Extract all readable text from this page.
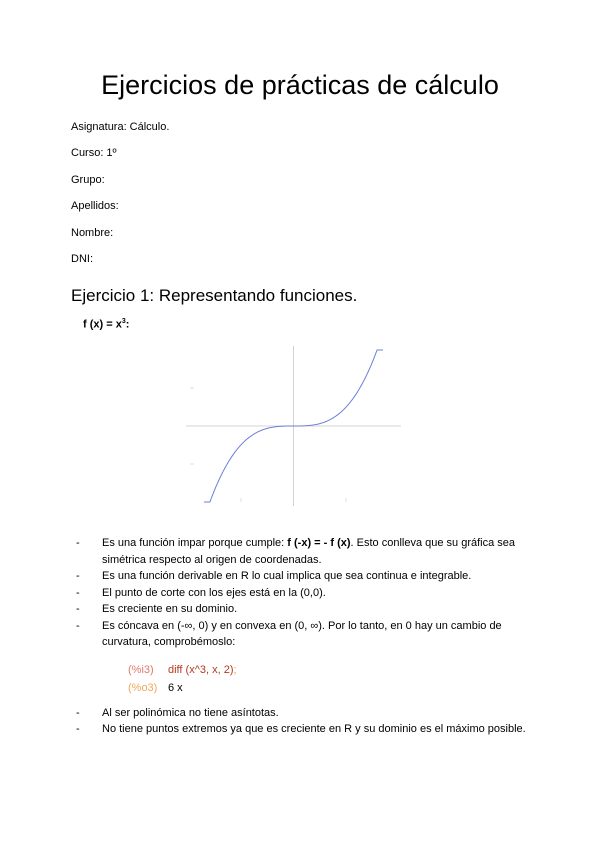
Ejercicios de prácticas de cálculo
Asignatura: Cálculo.
Curso: 1º
Grupo:
Apellidos:
Nombre:
DNI:
Ejercicio 1: Representando funciones.
f $(x) = x^3$:
- Es una función impar porque cumple: f (-x) = - f (x). Esto conlleva que su gráfica sea simétrica respecto al origen de coordenadas.
- Es una función derivable en R lo cual implica que sea continua e integrable.
- El punto de corte con los ejes está en la (0,0).
- Es creciente en su dominio.
- Es cóncava en (-∞, 0) y en convexa en (0, ∞). Por lo tanto, en 0 hay un cambio de curvatura, comprobémoslo:
(%i3) diff (x^3, x, 2);
(%o3) 6 x
- Al ser polinómica no tiene asíntotas.
- No tiene puntos extremos ya que es creciente en R y su dominio es el máximo posible.
